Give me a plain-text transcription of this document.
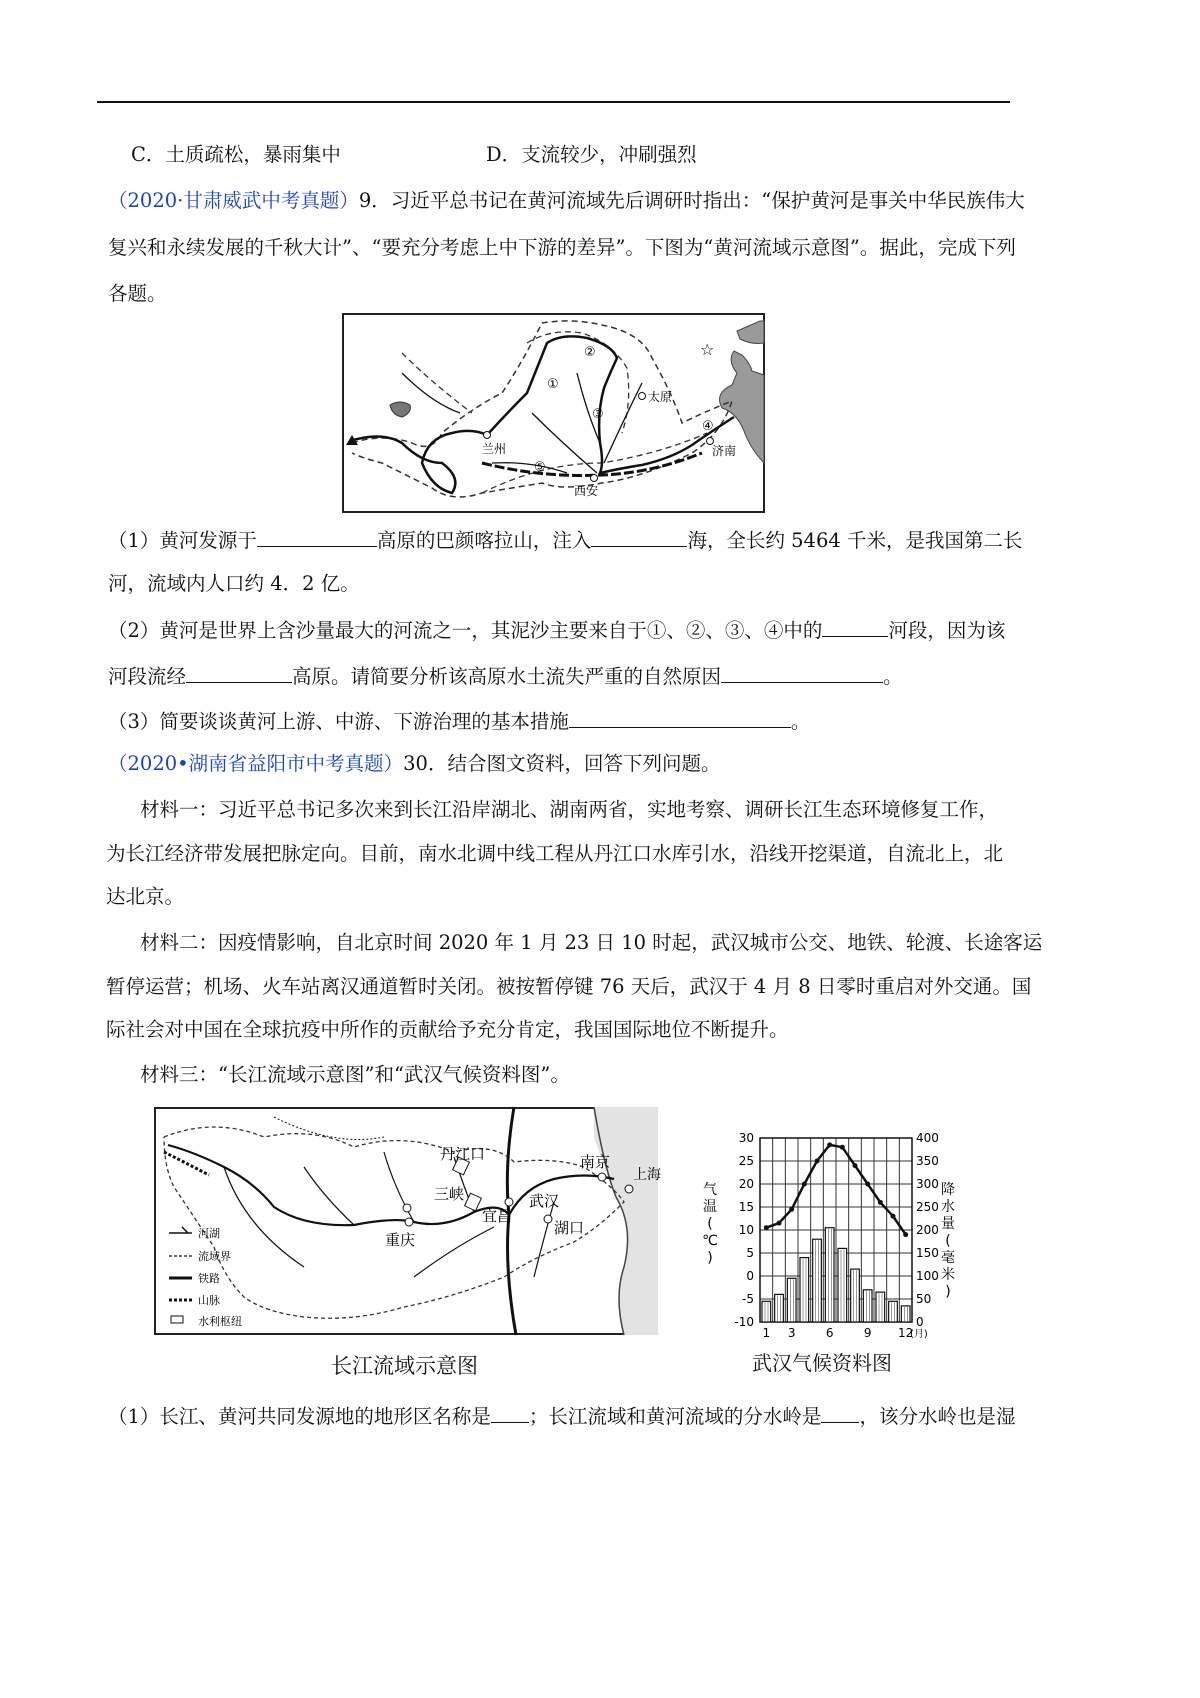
C．土质疏松，暴雨集中	D．支流较少，冲刷强烈
（2020·甘肃威武中考真题）9．习近平总书记在黄河流域先后调研时指出：“保护黄河是事关中华民族伟大
复兴和永续发展的千秋大计”、“要充分考虑上中下游的差异”。下图为“黄河流域示意图”。据此，完成下列
各题。
☆
兰州
西安
太原
济南
①
②
③
④
⑤
（1）黄河发源于	高原的巴颜喀拉山，注入	海，全长约 5464 千米，是我国第二长
河，流域内人口约 4．2 亿。
（2）黄河是世界上含沙量最大的河流之一，其泥沙主要来自于①、②、③、④中的	河段，因为该
河段流经	高原。请简要分析该高原水土流失严重的自然原因	。
（3）简要谈谈黄河上游、中游、下游治理的基本措施	。
（2020•湖南省益阳市中考真题）30．结合图文资料，回答下列问题。
材料一：习近平总书记多次来到长江沿岸湖北、湖南两省，实地考察、调研长江生态环境修复工作，
为长江经济带发展把脉定向。目前，南水北调中线工程从丹江口水库引水，沿线开挖渠道，自流北上，北
达北京。
材料二：因疫情影响，自北京时间 2020 年 1 月 23 日 10 时起，武汉城市公交、地铁、轮渡、长途客运
暂停运营；机场、火车站离汉通道暂时关闭。被按暂停键 76 天后，武汉于 4 月 8 日零时重启对外交通。国
际社会对中国在全球抗疫中所作的贡献给予充分肯定，我国国际地位不断提升。
材料三：“长江流域示意图”和“武汉气候资料图”。
丹江口
三峡
宜昌
武汉
南京
上海
重庆
湖口
河湖
流域界
铁路
山脉
水利枢纽
长江流域示意图
30
25
20
15
10
5
0
-5
-10
400
350
300
250
200
150
100
50
0
1 3	6	9 12
(月)
气
温
(
℃
)
降
水
量
(
毫
米
)
武汉气候资料图
（1）长江、黄河共同发源地的地形区名称是 ；长江流域和黄河流域的分水岭是 ，该分水岭也是湿
